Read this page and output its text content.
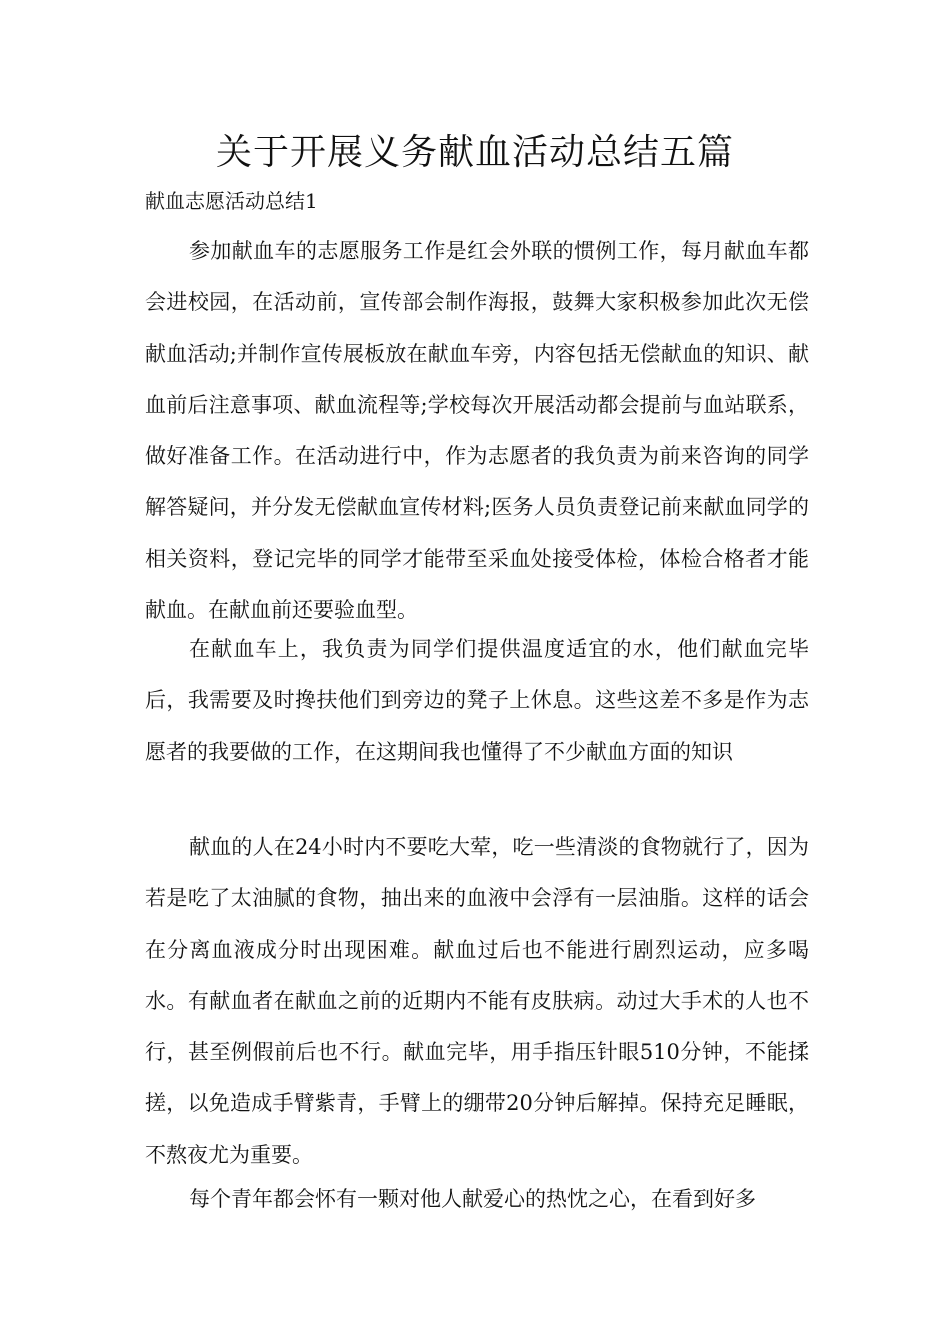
关于开展义务献血活动总结五篇

献血志愿活动总结1

参加献血车的志愿服务工作是红会外联的惯例工作，每月献血车都会进校园，在活动前，宣传部会制作海报，鼓舞大家积极参加此次无偿献血活动;并制作宣传展板放在献血车旁，内容包括无偿献血的知识、献血前后注意事项、献血流程等;学校每次开展活动都会提前与血站联系，做好准备工作。在活动进行中，作为志愿者的我负责为前来咨询的同学解答疑问，并分发无偿献血宣传材料;医务人员负责登记前来献血同学的相关资料，登记完毕的同学才能带至采血处接受体检，体检合格者才能献血。在献血前还要验血型。

在献血车上，我负责为同学们提供温度适宜的水，他们献血完毕后，我需要及时搀扶他们到旁边的凳子上休息。这些这差不多是作为志愿者的我要做的工作，在这期间我也懂得了不少献血方面的知识

献血的人在24小时内不要吃大荤，吃一些清淡的食物就行了，因为若是吃了太油腻的食物，抽出来的血液中会浮有一层油脂。这样的话会在分离血液成分时出现困难。献血过后也不能进行剧烈运动，应多喝水。有献血者在献血之前的近期内不能有皮肤病。动过大手术的人也不行，甚至例假前后也不行。献血完毕，用手指压针眼510分钟，不能揉搓，以免造成手臂紫青，手臂上的绷带20分钟后解掉。保持充足睡眠，不熬夜尤为重要。

每个青年都会怀有一颗对他人献爱心的热忱之心，在看到好多
